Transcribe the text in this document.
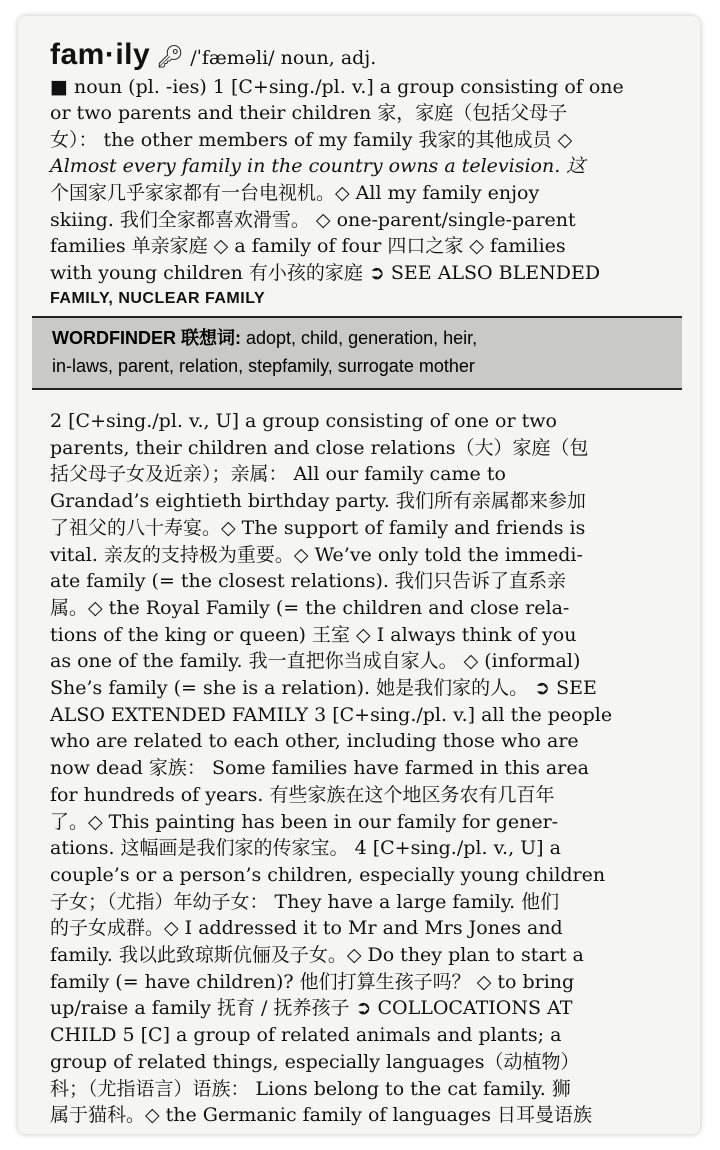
fam·ily 🔑︎ /ˈfæməli/ noun, adj.
■ noun (pl. -ies) 1 [C+sing./pl. v.] a group consisting of one
or two parents and their children 家，家庭（包括父母子
女）： the other members of my family 我家的其他成员 ◇
Almost every family in the country owns a television. 这
个国家几乎家家都有一台电视机。◇ All my family enjoy
skiing. 我们全家都喜欢滑雪。 ◇ one-parent/single-parent
families 单亲家庭 ◇ a family of four 四口之家 ◇ families
with young children 有小孩的家庭 ➲ SEE ALSO BLENDED
FAMILY, NUCLEAR FAMILY
WORDFINDER 联想词: adopt, child, generation, heir,
in-laws, parent, relation, stepfamily, surrogate mother
2 [C+sing./pl. v., U] a group consisting of one or two
parents, their children and close relations（大）家庭（包
括父母子女及近亲）；亲属： All our family came to
Grandad’s eightieth birthday party. 我们所有亲属都来参加
了祖父的八十寿宴。◇ The support of family and friends is
vital. 亲友的支持极为重要。◇ We’ve only told the immedi-
ate family (= the closest relations). 我们只告诉了直系亲
属。◇ the Royal Family (= the children and close rela-
tions of the king or queen) 王室 ◇ I always think of you
as one of the family. 我一直把你当成自家人。 ◇ (informal)
She’s family (= she is a relation). 她是我们家的人。 ➲ SEE
ALSO EXTENDED FAMILY 3 [C+sing./pl. v.] all the people
who are related to each other, including those who are
now dead 家族： Some families have farmed in this area
for hundreds of years. 有些家族在这个地区务农有几百年
了。◇ This painting has been in our family for gener-
ations. 这幅画是我们家的传家宝。 4 [C+sing./pl. v., U] a
couple’s or a person’s children, especially young children
子女；（尤指）年幼子女： They have a large family. 他们
的子女成群。◇ I addressed it to Mr and Mrs Jones and
family. 我以此致琼斯伉俪及子女。◇ Do they plan to start a
family (= have children)? 他们打算生孩子吗？ ◇ to bring
up/raise a family 抚育 / 抚养孩子 ➲ COLLOCATIONS AT
CHILD 5 [C] a group of related animals and plants; a
group of related things, especially languages（动植物）
科；（尤指语言）语族： Lions belong to the cat family. 狮
属于猫科。◇ the Germanic family of languages 日耳曼语族
